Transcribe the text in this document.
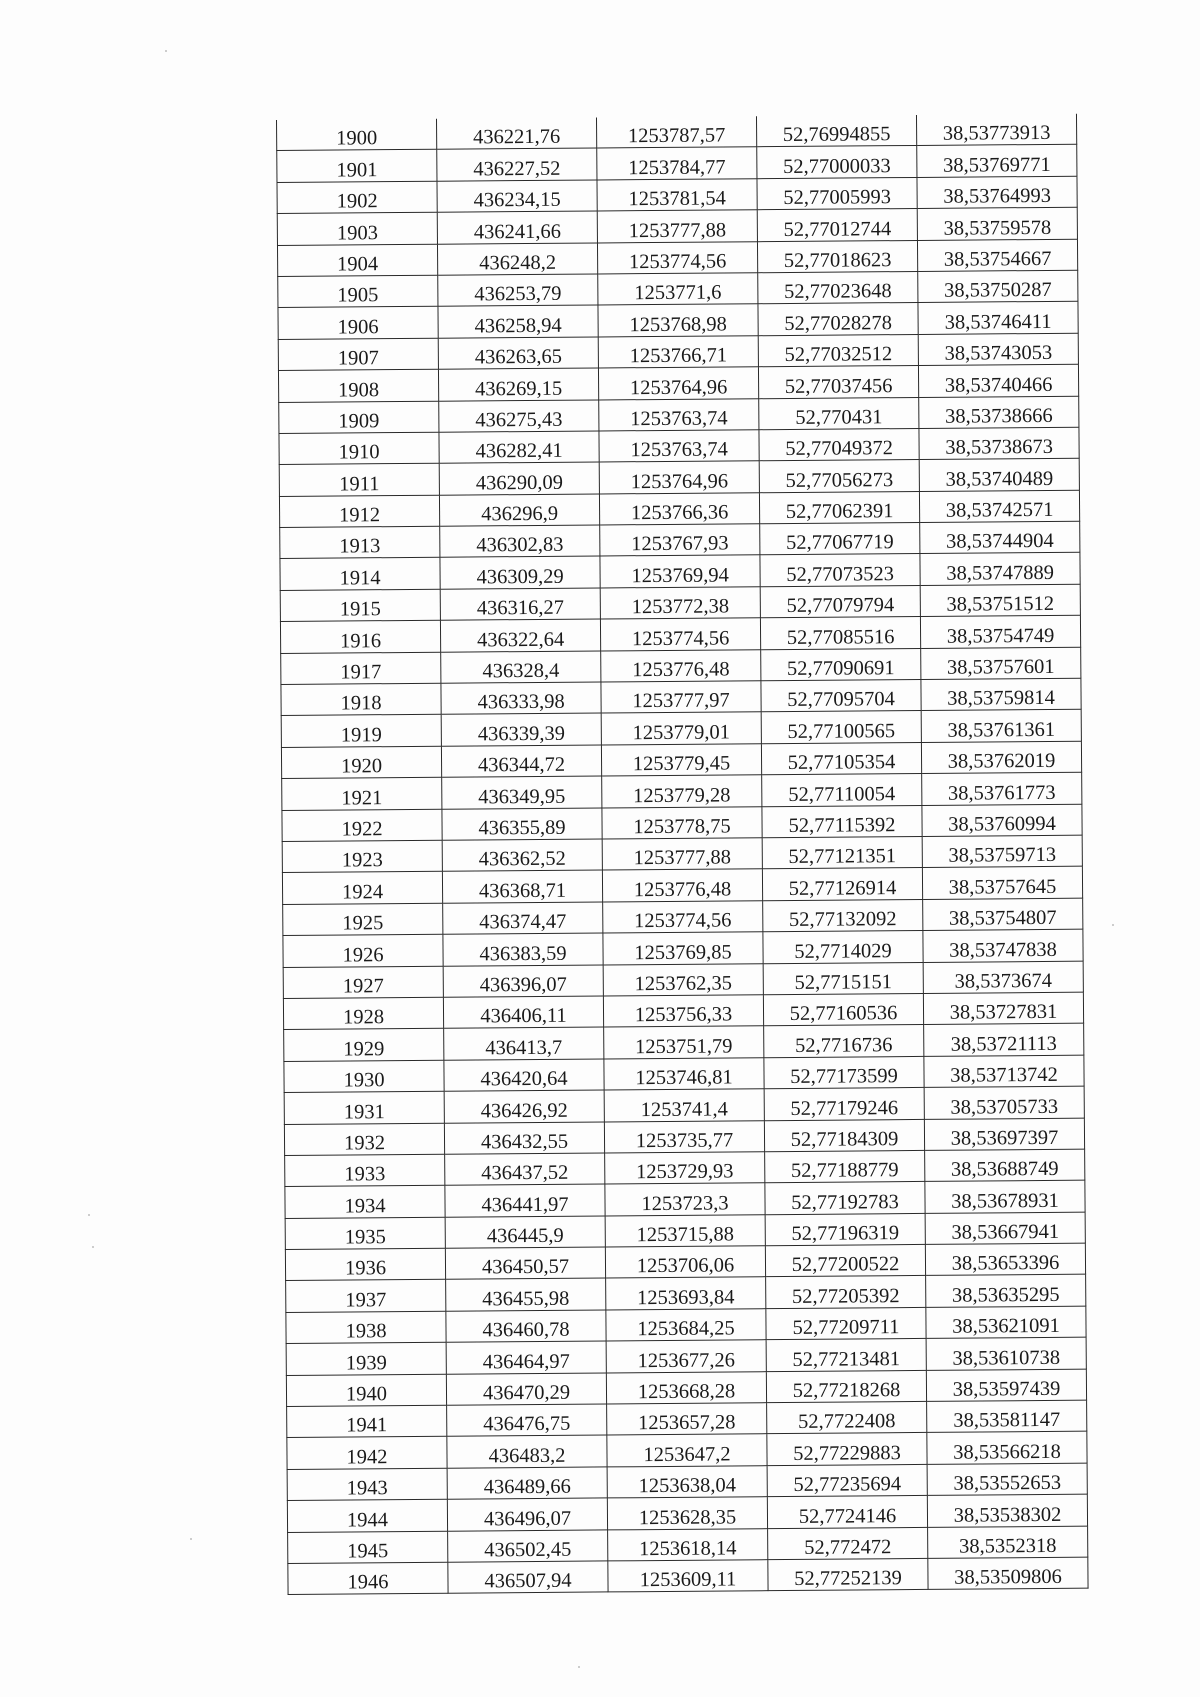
1900	436221,76	1253787,57	52,76994855	38,53773913
1901	436227,52	1253784,77	52,77000033	38,53769771
1902	436234,15	1253781,54	52,77005993	38,53764993
1903	436241,66	1253777,88	52,77012744	38,53759578
1904	436248,2	1253774,56	52,77018623	38,53754667
1905	436253,79	1253771,6	52,77023648	38,53750287
1906	436258,94	1253768,98	52,77028278	38,53746411
1907	436263,65	1253766,71	52,77032512	38,53743053
1908	436269,15	1253764,96	52,77037456	38,53740466
1909	436275,43	1253763,74	52,770431	38,53738666
1910	436282,41	1253763,74	52,77049372	38,53738673
1911	436290,09	1253764,96	52,77056273	38,53740489
1912	436296,9	1253766,36	52,77062391	38,53742571
1913	436302,83	1253767,93	52,77067719	38,53744904
1914	436309,29	1253769,94	52,77073523	38,53747889
1915	436316,27	1253772,38	52,77079794	38,53751512
1916	436322,64	1253774,56	52,77085516	38,53754749
1917	436328,4	1253776,48	52,77090691	38,53757601
1918	436333,98	1253777,97	52,77095704	38,53759814
1919	436339,39	1253779,01	52,77100565	38,53761361
1920	436344,72	1253779,45	52,77105354	38,53762019
1921	436349,95	1253779,28	52,77110054	38,53761773
1922	436355,89	1253778,75	52,77115392	38,53760994
1923	436362,52	1253777,88	52,77121351	38,53759713
1924	436368,71	1253776,48	52,77126914	38,53757645
1925	436374,47	1253774,56	52,77132092	38,53754807
1926	436383,59	1253769,85	52,7714029	38,53747838
1927	436396,07	1253762,35	52,7715151	38,5373674
1928	436406,11	1253756,33	52,77160536	38,53727831
1929	436413,7	1253751,79	52,7716736	38,53721113
1930	436420,64	1253746,81	52,77173599	38,53713742
1931	436426,92	1253741,4	52,77179246	38,53705733
1932	436432,55	1253735,77	52,77184309	38,53697397
1933	436437,52	1253729,93	52,77188779	38,53688749
1934	436441,97	1253723,3	52,77192783	38,53678931
1935	436445,9	1253715,88	52,77196319	38,53667941
1936	436450,57	1253706,06	52,77200522	38,53653396
1937	436455,98	1253693,84	52,77205392	38,53635295
1938	436460,78	1253684,25	52,77209711	38,53621091
1939	436464,97	1253677,26	52,77213481	38,53610738
1940	436470,29	1253668,28	52,77218268	38,53597439
1941	436476,75	1253657,28	52,7722408	38,53581147
1942	436483,2	1253647,2	52,77229883	38,53566218
1943	436489,66	1253638,04	52,77235694	38,53552653
1944	436496,07	1253628,35	52,7724146	38,53538302
1945	436502,45	1253618,14	52,772472	38,5352318
1946	436507,94	1253609,11	52,77252139	38,53509806
